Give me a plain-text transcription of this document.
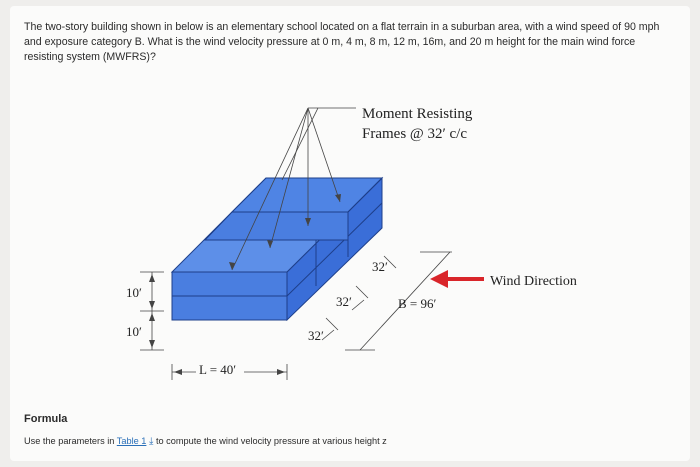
The two-story building shown in below is an elementary school located on a flat terrain in a suburban area, with a wind speed of 90 mph and exposure category B. What is the wind velocity pressure at 0 m, 4 m, 8 m, 12 m, 16m, and 20 m height for the main wind force resisting system (MWFRS)?
Moment Resisting
Frames @ 32′ c/c
10′
10′
L = 40′
32′
32′
32′
B = 96′
Wind Direction
Formula
Use the parameters in Table 1 ⤓ to compute the wind velocity pressure at various height z
